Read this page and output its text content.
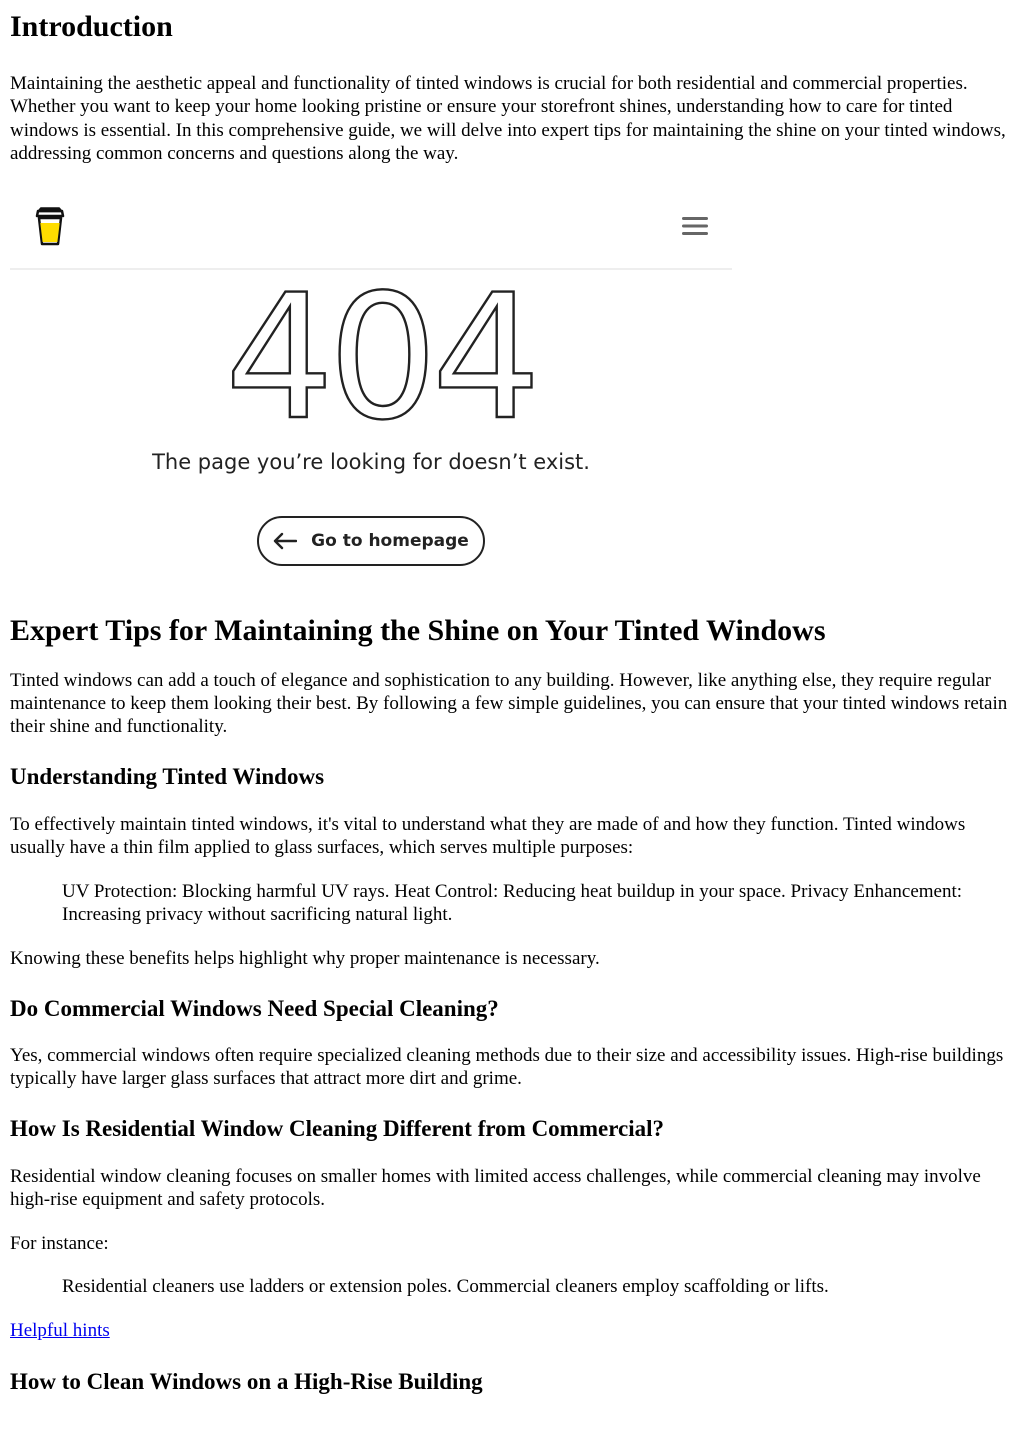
Introduction

Maintaining the aesthetic appeal and functionality of tinted windows is crucial for both residential and commercial properties. Whether you want to keep your home looking pristine or ensure your storefront shines, understanding how to care for tinted windows is essential. In this comprehensive guide, we will delve into expert tips for maintaining the shine on your tinted windows, addressing common concerns and questions along the way.

404
The page you’re looking for doesn’t exist.
Go to homepage
Expert Tips for Maintaining the Shine on Your Tinted Windows

Tinted windows can add a touch of elegance and sophistication to any building. However, like anything else, they require regular maintenance to keep them looking their best. By following a few simple guidelines, you can ensure that your tinted windows retain their shine and functionality.

Understanding Tinted Windows

To effectively maintain tinted windows, it's vital to understand what they are made of and how they function. Tinted windows usually have a thin film applied to glass surfaces, which serves multiple purposes:

UV Protection: Blocking harmful UV rays. Heat Control: Reducing heat buildup in your space. Privacy Enhancement: Increasing privacy without sacrificing natural light.

Knowing these benefits helps highlight why proper maintenance is necessary.

Do Commercial Windows Need Special Cleaning?

Yes, commercial windows often require specialized cleaning methods due to their size and accessibility issues. High-rise buildings typically have larger glass surfaces that attract more dirt and grime.

How Is Residential Window Cleaning Different from Commercial?

Residential window cleaning focuses on smaller homes with limited access challenges, while commercial cleaning may involve high-rise equipment and safety protocols.

For instance:

Residential cleaners use ladders or extension poles. Commercial cleaners employ scaffolding or lifts.

Helpful hints

How to Clean Windows on a High-Rise Building
